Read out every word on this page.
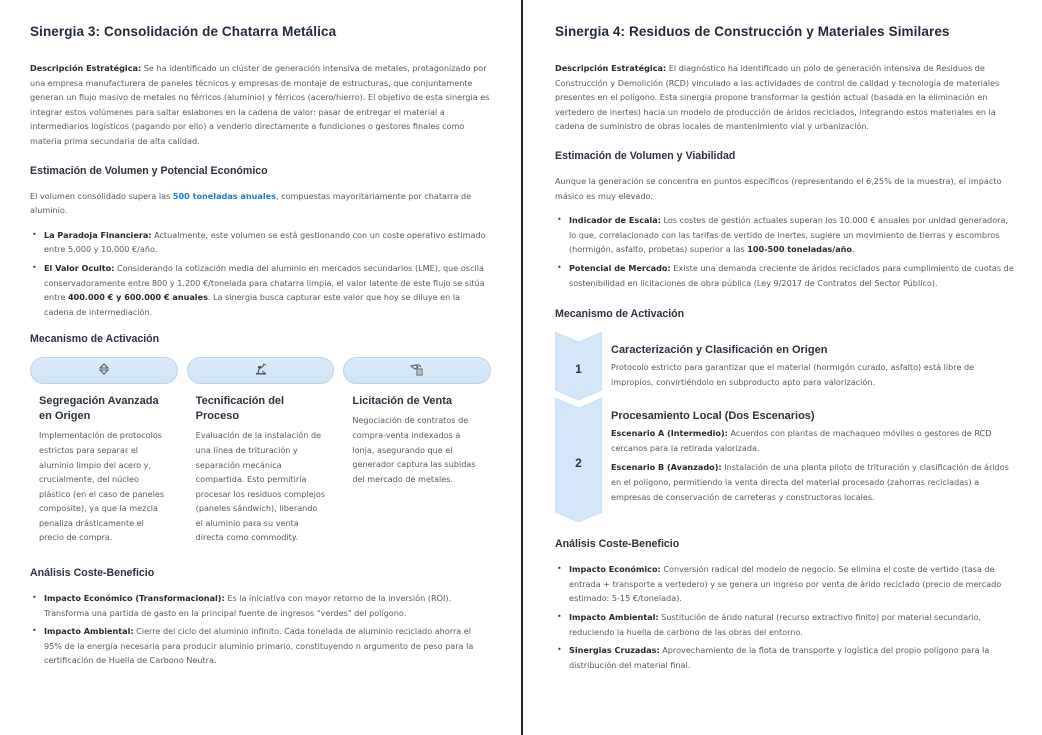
Sinergia 3: Consolidación de Chatarra Metálica

Descripción Estratégica: Se ha identificado un clúster de generación intensiva de metales, protagonizado por una empresa manufacturera de paneles técnicos y empresas de montaje de estructuras, que conjuntamente generan un flujo masivo de metales no férricos (aluminio) y férricos (acero/hierro). El objetivo de esta sinergia es integrar estos volúmenes para saltar eslabones en la cadena de valor: pasar de entregar el material a intermediarios logísticos (pagando por ello) a venderlo directamente a fundiciones o gestores finales como materia prima secundaria de alta calidad.

Estimación de Volumen y Potencial Económico

El volumen consolidado supera las 500 toneladas anuales, compuestas mayoritariamente por chatarra de aluminio.

• La Paradoja Financiera: Actualmente, este volumen se está gestionando con un coste operativo estimado entre 5.000 y 10.000 €/año.
• El Valor Oculto: Considerando la cotización media del aluminio en mercados secundarios (LME), que oscila conservadoramente entre 800 y 1.200 €/tonelada para chatarra limpia, el valor latente de este flujo se sitúa entre 400.000 € y 600.000 € anuales. La sinergia busca capturar este valor que hoy se diluye en la cadena de intermediación.
Mecanismo de Activación
Segregación Avanzada en Origen
Implementación de protocolos estrictos para separar el aluminio limpio del acero y, crucialmente, del núcleo plástico (en el caso de paneles composite), ya que la mezcla penaliza drásticamente el precio de compra.
Tecnificación del Proceso
Evaluación de la instalación de una línea de trituración y separación mecánica compartida. Esto permitiría procesar los residuos complejos (paneles sándwich), liberando el aluminio para su venta directa como commodity.
Licitación de Venta
Negociación de contratos de compra-venta indexados a lonja, asegurando que el generador captura las subidas del mercado de metales.
Análisis Coste-Beneficio
• Impacto Económico (Transformacional): Es la iniciativa con mayor retorno de la inversión (ROI). Transforma una partida de gasto en la principal fuente de ingresos "verdes" del polígono.
• Impacto Ambiental: Cierre del ciclo del aluminio infinito. Cada tonelada de aluminio reciclado ahorra el 95% de la energía necesaria para producir aluminio primario, constituyendo n argumento de peso para la certificación de Huella de Carbono Neutra.
Sinergia 4: Residuos de Construcción y Materiales Similares

Descripción Estratégica: El diagnóstico ha identificado un polo de generación intensiva de Residuos de Construcción y Demolición (RCD) vinculado a las actividades de control de calidad y tecnología de materiales presentes en el polígono. Esta sinergia propone transformar la gestión actual (basada en la eliminación en vertedero de inertes) hacia un modelo de producción de áridos reciclados, integrando estos materiales en la cadena de suministro de obras locales de mantenimiento vial y urbanización.

Estimación de Volumen y Viabilidad

Aunque la generación se concentra en puntos específicos (representando el 6,25% de la muestra), el impacto másico es muy elevado.

• Indicador de Escala: Los costes de gestión actuales superan los 10.000 € anuales por unidad generadora, lo que, correlacionado con las tarifas de vertido de inertes, sugiere un movimiento de tierras y escombros (hormigón, asfalto, probetas) superior a las 100-500 toneladas/año.
• Potencial de Mercado: Existe una demanda creciente de áridos reciclados para cumplimiento de cuotas de sostenibilidad en licitaciones de obra pública (Ley 9/2017 de Contratos del Sector Público).
Mecanismo de Activación
1
Caracterización y Clasificación en Origen

Protocolo estricto para garantizar que el material (hormigón curado, asfalto) está libre de impropios, convirtiéndolo en subproducto apto para valorización.

2
Procesamiento Local (Dos Escenarios)

Escenario A (Intermedio): Acuerdos con plantas de machaqueo móviles o gestores de RCD cercanos para la retirada valorizada.

Escenario B (Avanzado): Instalación de una planta piloto de trituración y clasificación de áridos en el polígono, permitiendo la venta directa del material procesado (zahorras recicladas) a empresas de conservación de carreteras y constructoras locales.

Análisis Coste-Beneficio
• Impacto Económico: Conversión radical del modelo de negocio. Se elimina el coste de vertido (tasa de entrada + transporte a vertedero) y se genera un ingreso por venta de árido reciclado (precio de mercado estimado: 5-15 €/tonelada).
• Impacto Ambiental: Sustitución de árido natural (recurso extractivo finito) por material secundario, reduciendo la huella de carbono de las obras del entorno.
• Sinergias Cruzadas: Aprovechamiento de la flota de transporte y logística del propio polígono para la distribución del material final.
